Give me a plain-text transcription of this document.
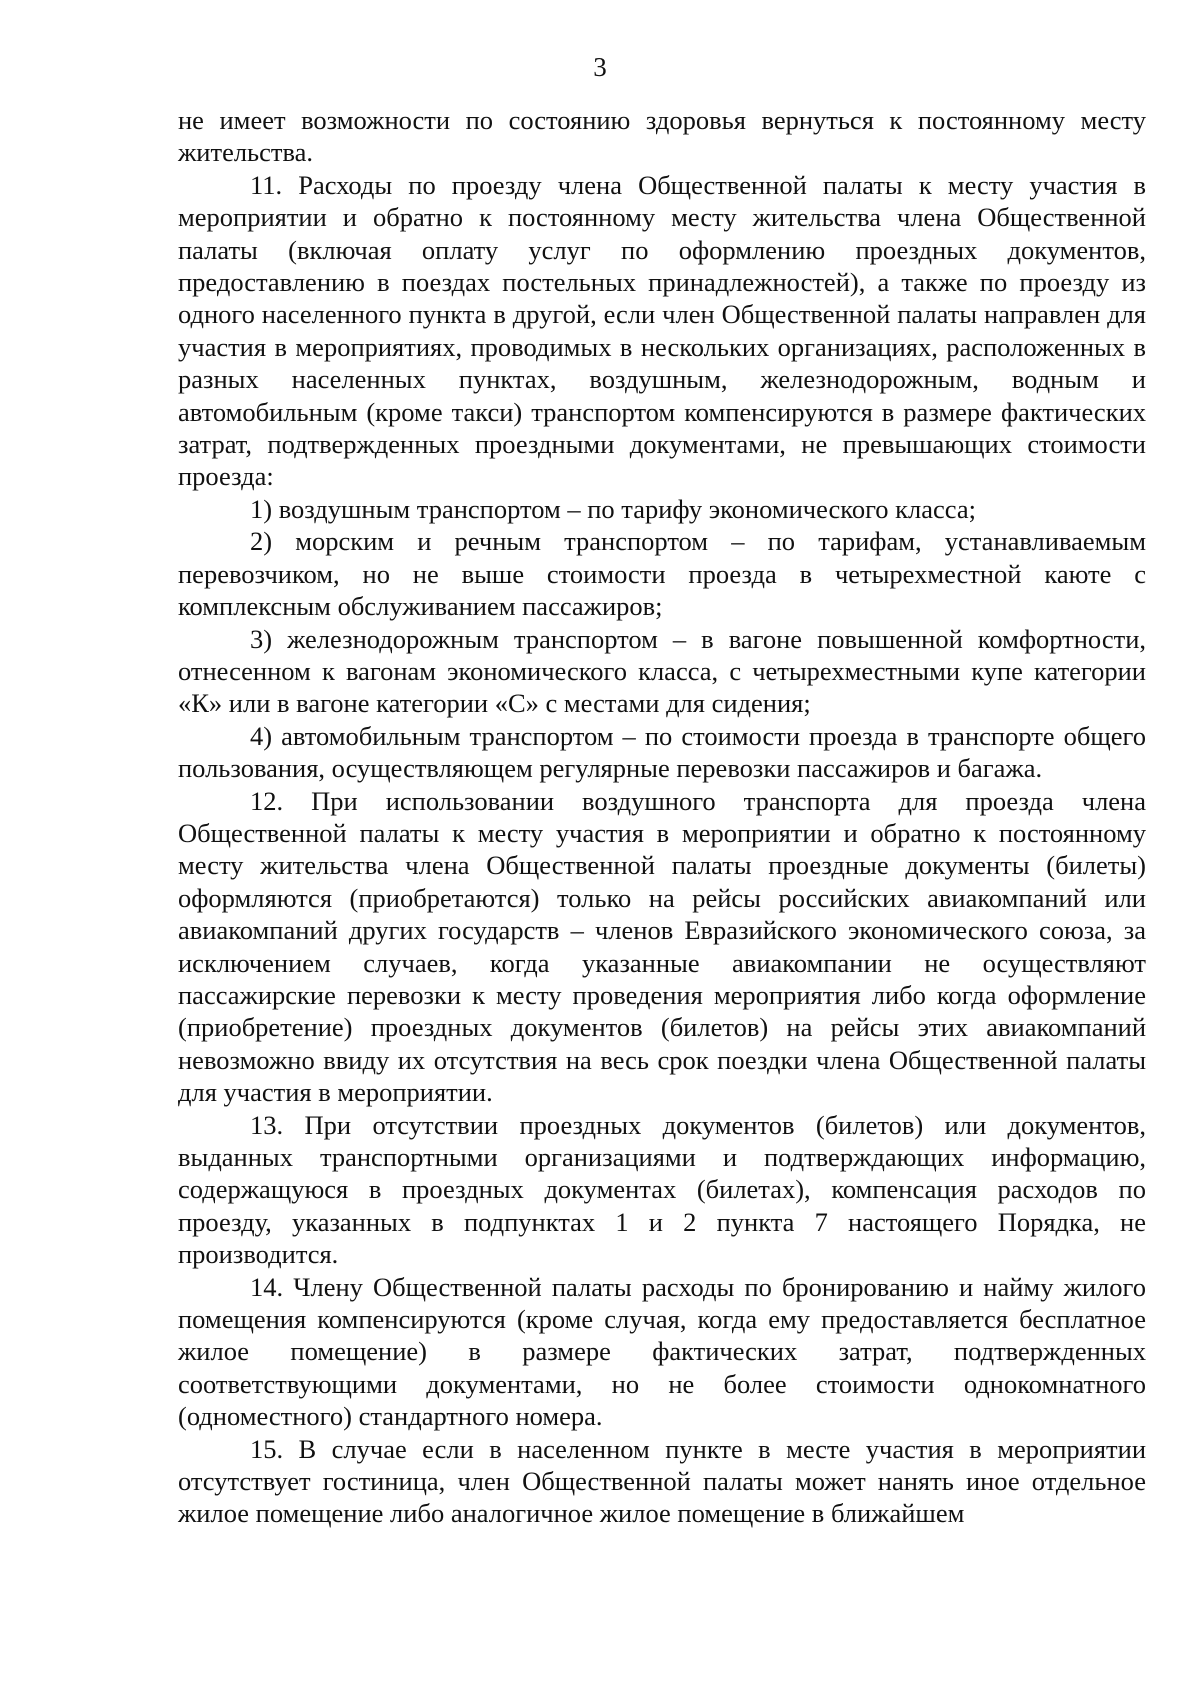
3

не имеет возможности по состоянию здоровья вернуться к постоянному месту жительства.

11. Расходы по проезду члена Общественной палаты к месту участия в мероприятии и обратно к постоянному месту жительства члена Общественной палаты (включая оплату услуг по оформлению проездных документов, предоставлению в поездах постельных принадлежностей), а также по проезду из одного населенного пункта в другой, если член Общественной палаты направлен для участия в мероприятиях, проводимых в нескольких организациях, расположенных в разных населенных пунктах, воздушным, железнодорожным, водным и автомобильным (кроме такси) транспортом компенсируются в размере фактических затрат, подтвержденных проездными документами, не превышающих стоимости проезда:

1) воздушным транспортом – по тарифу экономического класса;

2) морским и речным транспортом – по тарифам, устанавливаемым перевозчиком, но не выше стоимости проезда в четырехместной каюте с комплексным обслуживанием пассажиров;

3) железнодорожным транспортом – в вагоне повышенной комфортности, отнесенном к вагонам экономического класса, с четырехместными купе категории «К» или в вагоне категории «С» с местами для сидения;

4) автомобильным транспортом – по стоимости проезда в транспорте общего пользования, осуществляющем регулярные перевозки пассажиров и багажа.

12. При использовании воздушного транспорта для проезда члена Общественной палаты к месту участия в мероприятии и обратно к постоянному месту жительства члена Общественной палаты проездные документы (билеты) оформляются (приобретаются) только на рейсы российских авиакомпаний или авиакомпаний других государств – членов Евразийского экономического союза, за исключением случаев, когда указанные авиакомпании не осуществляют пассажирские перевозки к месту проведения мероприятия либо когда оформление (приобретение) проездных документов (билетов) на рейсы этих авиакомпаний невозможно ввиду их отсутствия на весь срок поездки члена Общественной палаты для участия в мероприятии.

13. При отсутствии проездных документов (билетов) или документов, выданных транспортными организациями и подтверждающих информацию, содержащуюся в проездных документах (билетах), компенсация расходов по проезду, указанных в подпунктах 1 и 2 пункта 7 настоящего Порядка, не производится.

14. Члену Общественной палаты расходы по бронированию и найму жилого помещения компенсируются (кроме случая, когда ему предоставляется бесплатное жилое помещение) в размере фактических затрат, подтвержденных соответствующими документами, но не более стоимости однокомнатного (одноместного) стандартного номера.

15. В случае если в населенном пункте в месте участия в мероприятии отсутствует гостиница, член Общественной палаты может нанять иное отдельное жилое помещение либо аналогичное жилое помещение в ближайшем
